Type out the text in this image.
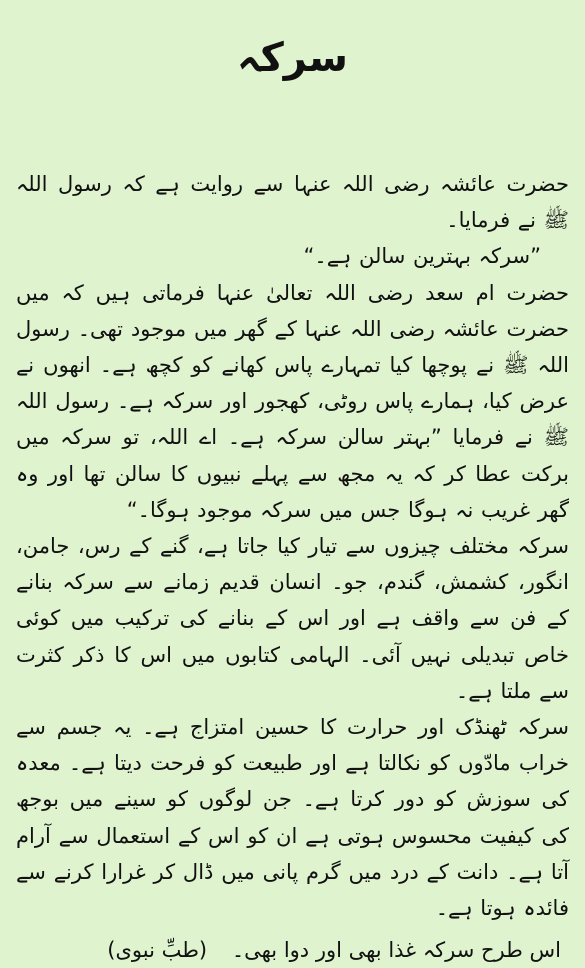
سرکہ

حضرت عائشہ رضی اللہ عنہا سے روایت ہے کہ رسول اللہ ﷺ نے فرمایا۔

”سرکہ بہترین سالن ہے۔“

حضرت ام سعد رضی اللہ تعالیٰ عنہا فرماتی ہیں کہ میں حضرت عائشہ رضی اللہ عنہا کے گھر میں موجود تھی۔ رسول اللہ ﷺ نے پوچھا کیا تمہارے پاس کھانے کو کچھ ہے۔ انھوں نے عرض کیا، ہمارے پاس روٹی، کھجور اور سرکہ ہے۔ رسول اللہ ﷺ نے فرمایا ”بہتر سالن سرکہ ہے۔ اے اللہ، تو سرکہ میں برکت عطا کر کہ یہ مجھ سے پہلے نبیوں کا سالن تھا اور وہ گھر غریب نہ ہوگا جس میں سرکہ موجود ہوگا۔“

سرکہ مختلف چیزوں سے تیار کیا جاتا ہے، گنے کے رس، جامن، انگور، کشمش، گندم، جو۔ انسان قدیم زمانے سے سرکہ بنانے کے فن سے واقف ہے اور اس کے بنانے کی ترکیب میں کوئی خاص تبدیلی نہیں آئی۔ الہامی کتابوں میں اس کا ذکر کثرت سے ملتا ہے۔

سرکہ ٹھنڈک اور حرارت کا حسین امتزاج ہے۔ یہ جسم سے خراب مادّوں کو نکالتا ہے اور طبیعت کو فرحت دیتا ہے۔ معدہ کی سوزش کو دور کرتا ہے۔ جن لوگوں کو سینے میں بوجھ کی کیفیت محسوس ہوتی ہے ان کو اس کے استعمال سے آرام آتا ہے۔ دانت کے درد میں گرم پانی میں ڈال کر غرارا کرنے سے فائدہ ہوتا ہے۔

اس طرح سرکہ غذا بھی اور دوا بھی۔ (طبِّ نبوی)
